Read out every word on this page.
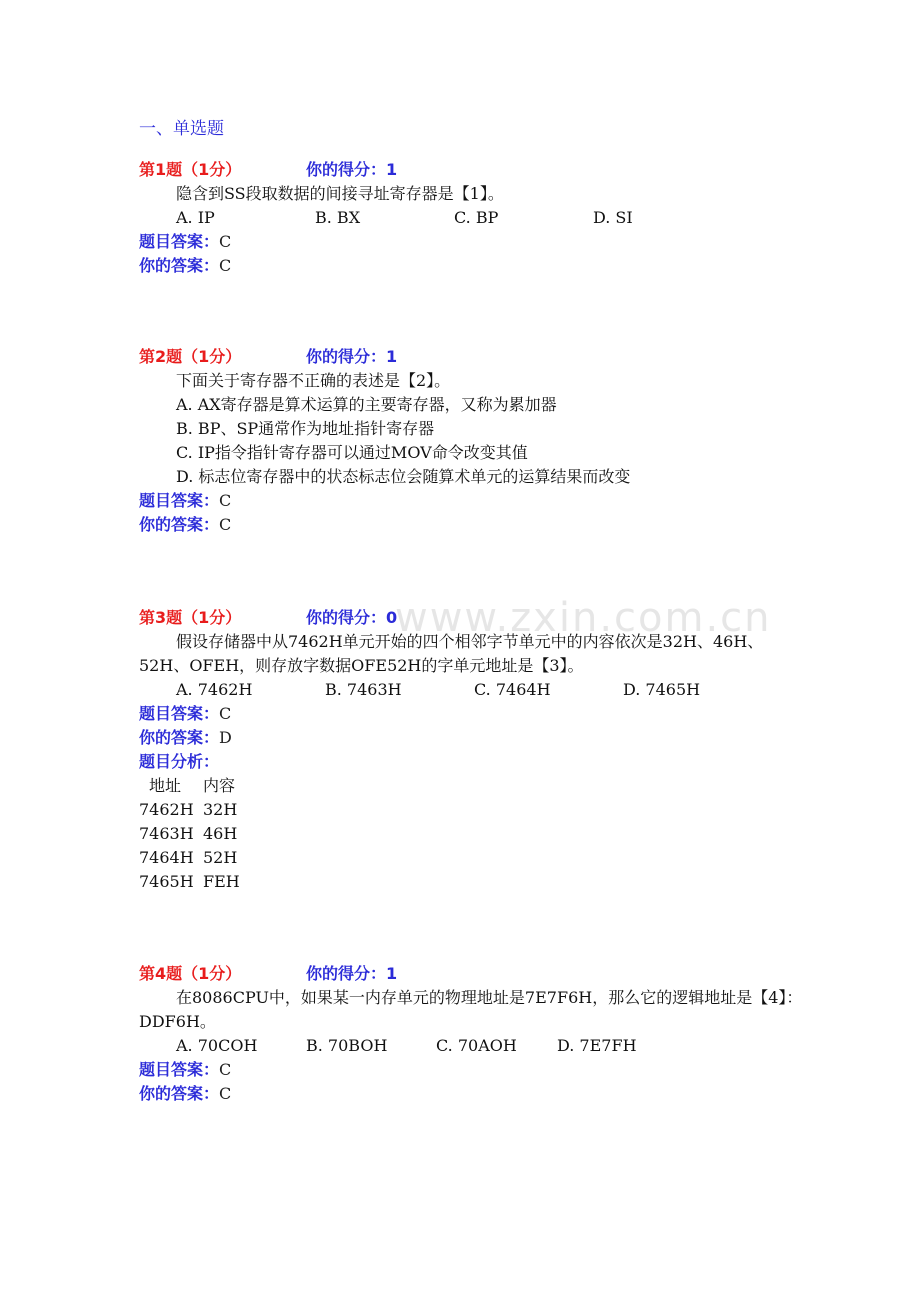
一、单选题
第1题（1分）	你的得分：1
隐含到SS段取数据的间接寻址寄存器是【1】。
A. IP	B. BX	C. BP	D. SI
题目答案：C
你的答案：C
第2题（1分）	你的得分：1
下面关于寄存器不正确的表述是【2】。
A. AX寄存器是算术运算的主要寄存器，又称为累加器
B. BP、SP通常作为地址指针寄存器
C. IP指令指针寄存器可以通过MOV命令改变其值
D. 标志位寄存器中的状态标志位会随算术单元的运算结果而改变
题目答案：C
你的答案：C
第3题（1分）	你的得分：0
假设存储器中从7462H单元开始的四个相邻字节单元中的内容依次是32H、46H、52H、OFEH，则存放字数据OFE52H的字单元地址是【3】。
A. 7462H	B. 7463H	C. 7464H	D. 7465H
题目答案：C
你的答案：D
题目分析：
地址 内容
7462H 32H
7463H 46H
7464H 52H
7465H FEH
第4题（1分）	你的得分：1
在8086CPU中，如果某一内存单元的物理地址是7E7F6H，那么它的逻辑地址是【4】：DDF6H。
A. 70COH	B. 70BOH	C. 70AOH	D. 7E7FH
题目答案：C
你的答案：C
www.zxin.com.cn
